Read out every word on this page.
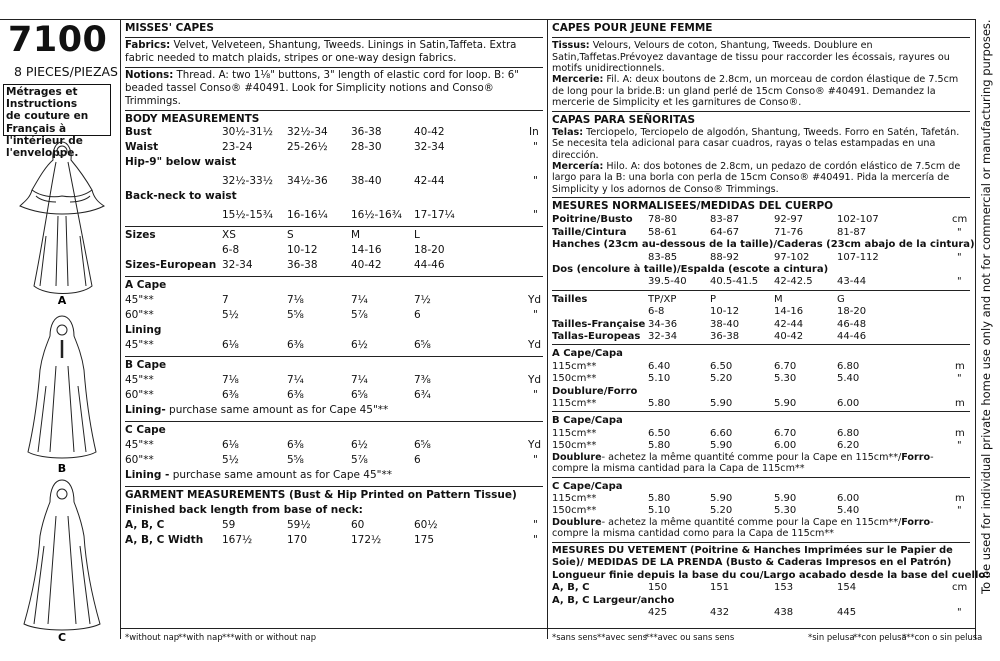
7100
8 PIECES/PIEZAS
Métrages et Instructions
de couture en Français à
l'intérieur de
l'enveloppe.
A
B
C
MISSES' CAPES
Fabrics: Velvet, Velveteen, Shantung, Tweeds. Linings in Satin,Taffeta. Extra fabric needed to match plaids, stripes or one-way design fabrics.
Notions: Thread. A: two 1⅛" buttons, 3" length of elastic cord for loop. B: 6" beaded tassel Conso® #40491. Look for Simplicity notions and Conso® Trimmings.
BODY MEASUREMENTS
Bust	30½-31½ 32½-34 36-38	40-42	In
Waist	23-24	25-26½ 28-30	32-34	"
Hip-9" below waist
32½-33½ 34½-36 38-40	42-44	"
Back-neck to waist
15½-15¾ 16-16¼ 16½-16¾ 17-17¼	"
Sizes	XS	S	M	L
6-8	10-12	14-16	18-20
Sizes-European 32-34	36-38	40-42	44-46
A Cape
45"**	7	7⅛	7¼	7½	Yd
60"**	5½	5⅝	5⅞	6	"
Lining
45"**	6⅛	6⅜	6½	6⅝	Yd
B Cape
45"**	7⅛	7¼	7¼	7⅜	Yd
60"**	6⅜	6⅜	6⅝	6¾	"
Lining- purchase same amount as for Cape 45"**
C Cape
45"**	6⅛	6⅜	6½	6⅝	Yd
60"**	5½	5⅝	5⅞	6	"
Lining - purchase same amount as for Cape 45"**
GARMENT MEASUREMENTS (Bust & Hip Printed on Pattern Tissue)
Finished back length from base of neck:
A, B, C	59	59½	60	60½	"
A, B, C Width 167½	170	172½	175	"
*without nap
**with nap ***with or without nap
CAPES POUR JEUNE FEMME
Tissus: Velours, Velours de coton, Shantung, Tweeds. Doublure en Satin,Taffetas.Prévoyez davantage de tissu pour raccorder les écossais, rayures ou motifs unidirectionnels.
Mercerie: Fil. A: deux boutons de 2.8cm, un morceau de cordon élastique de 7.5cm de long pour la bride.B: un gland perlé de 15cm Conso® #40491. Demandez la mercerie de Simplicity et les garnitures de Conso®.
CAPAS PARA SEÑORITAS
Telas: Terciopelo, Terciopelo de algodón, Shantung, Tweeds. Forro en Satén, Tafetán. Se necesita tela adicional para casar cuadros, rayas o telas estampadas en una dirección.
Mercería: Hilo. A: dos botones de 2.8cm, un pedazo de cordón elástico de 7.5cm de largo para la B: una borla con perla de 15cm Conso® #40491. Pida la mercería de Simplicity y los adornos de Conso® Trimmings.
MESURES NORMALISEES/MEDIDAS DEL CUERPO
Poitrine/Busto 78-80	83-87	92-97	102-107	cm
Taille/Cintura 58-61	64-67	71-76	81-87	"
Hanches (23cm au-dessous de la taille)/Caderas (23cm abajo de la cintura)
83-85	88-92	97-102	107-112	"
Dos (encolure à taille)/Espalda (escote a cintura)
39.5-40 40.5-41.5 42-42.5 43-44	"
Tailles	TP/XP	P	M	G
6-8	10-12	14-16	18-20
Tailles-Française 34-36	38-40	42-44	46-48
Tallas-Europeas 32-34	36-38	40-42	44-46
A Cape/Capa
115cm**	6.40	6.50	6.70	6.80	m
150cm**	5.10	5.20	5.30	5.40	"
Doublure/Forro
115cm**	5.80	5.90	5.90	6.00	m
B Cape/Capa
115cm**	6.50	6.60	6.70	6.80	m
150cm**	5.80	5.90	6.00	6.20	"
Doublure- achetez la même quantité comme pour la Cape en 115cm**/Forro- compre la misma cantidad para la Capa de 115cm**
C Cape/Capa
115cm**	5.80	5.90	5.90	6.00	m
150cm**	5.10	5.20	5.30	5.40	"
Doublure- achetez la même quantité comme pour la Cape en 115cm**/Forro- compre la misma cantidad como para la Capa de 115cm**
MESURES DU VETEMENT (Poitrine & Hanches Imprimées sur le Papier de Soie)/ MEDIDAS DE LA PRENDA (Busto & Caderas Impresos en el Patrón)
Longueur finie depuis la base du cou/Largo acabado desde la base del cuello:
A, B, C	150	151	153	154	cm
A, B, C Largeur/ancho
425	432	438	445	"
*sans sens **avec sens
***avec ou sans sens	*sin pelusa
**con pelusa
***con o sin pelusa
To be used for individual private home use only and not for commercial or manufacturing purposes.
